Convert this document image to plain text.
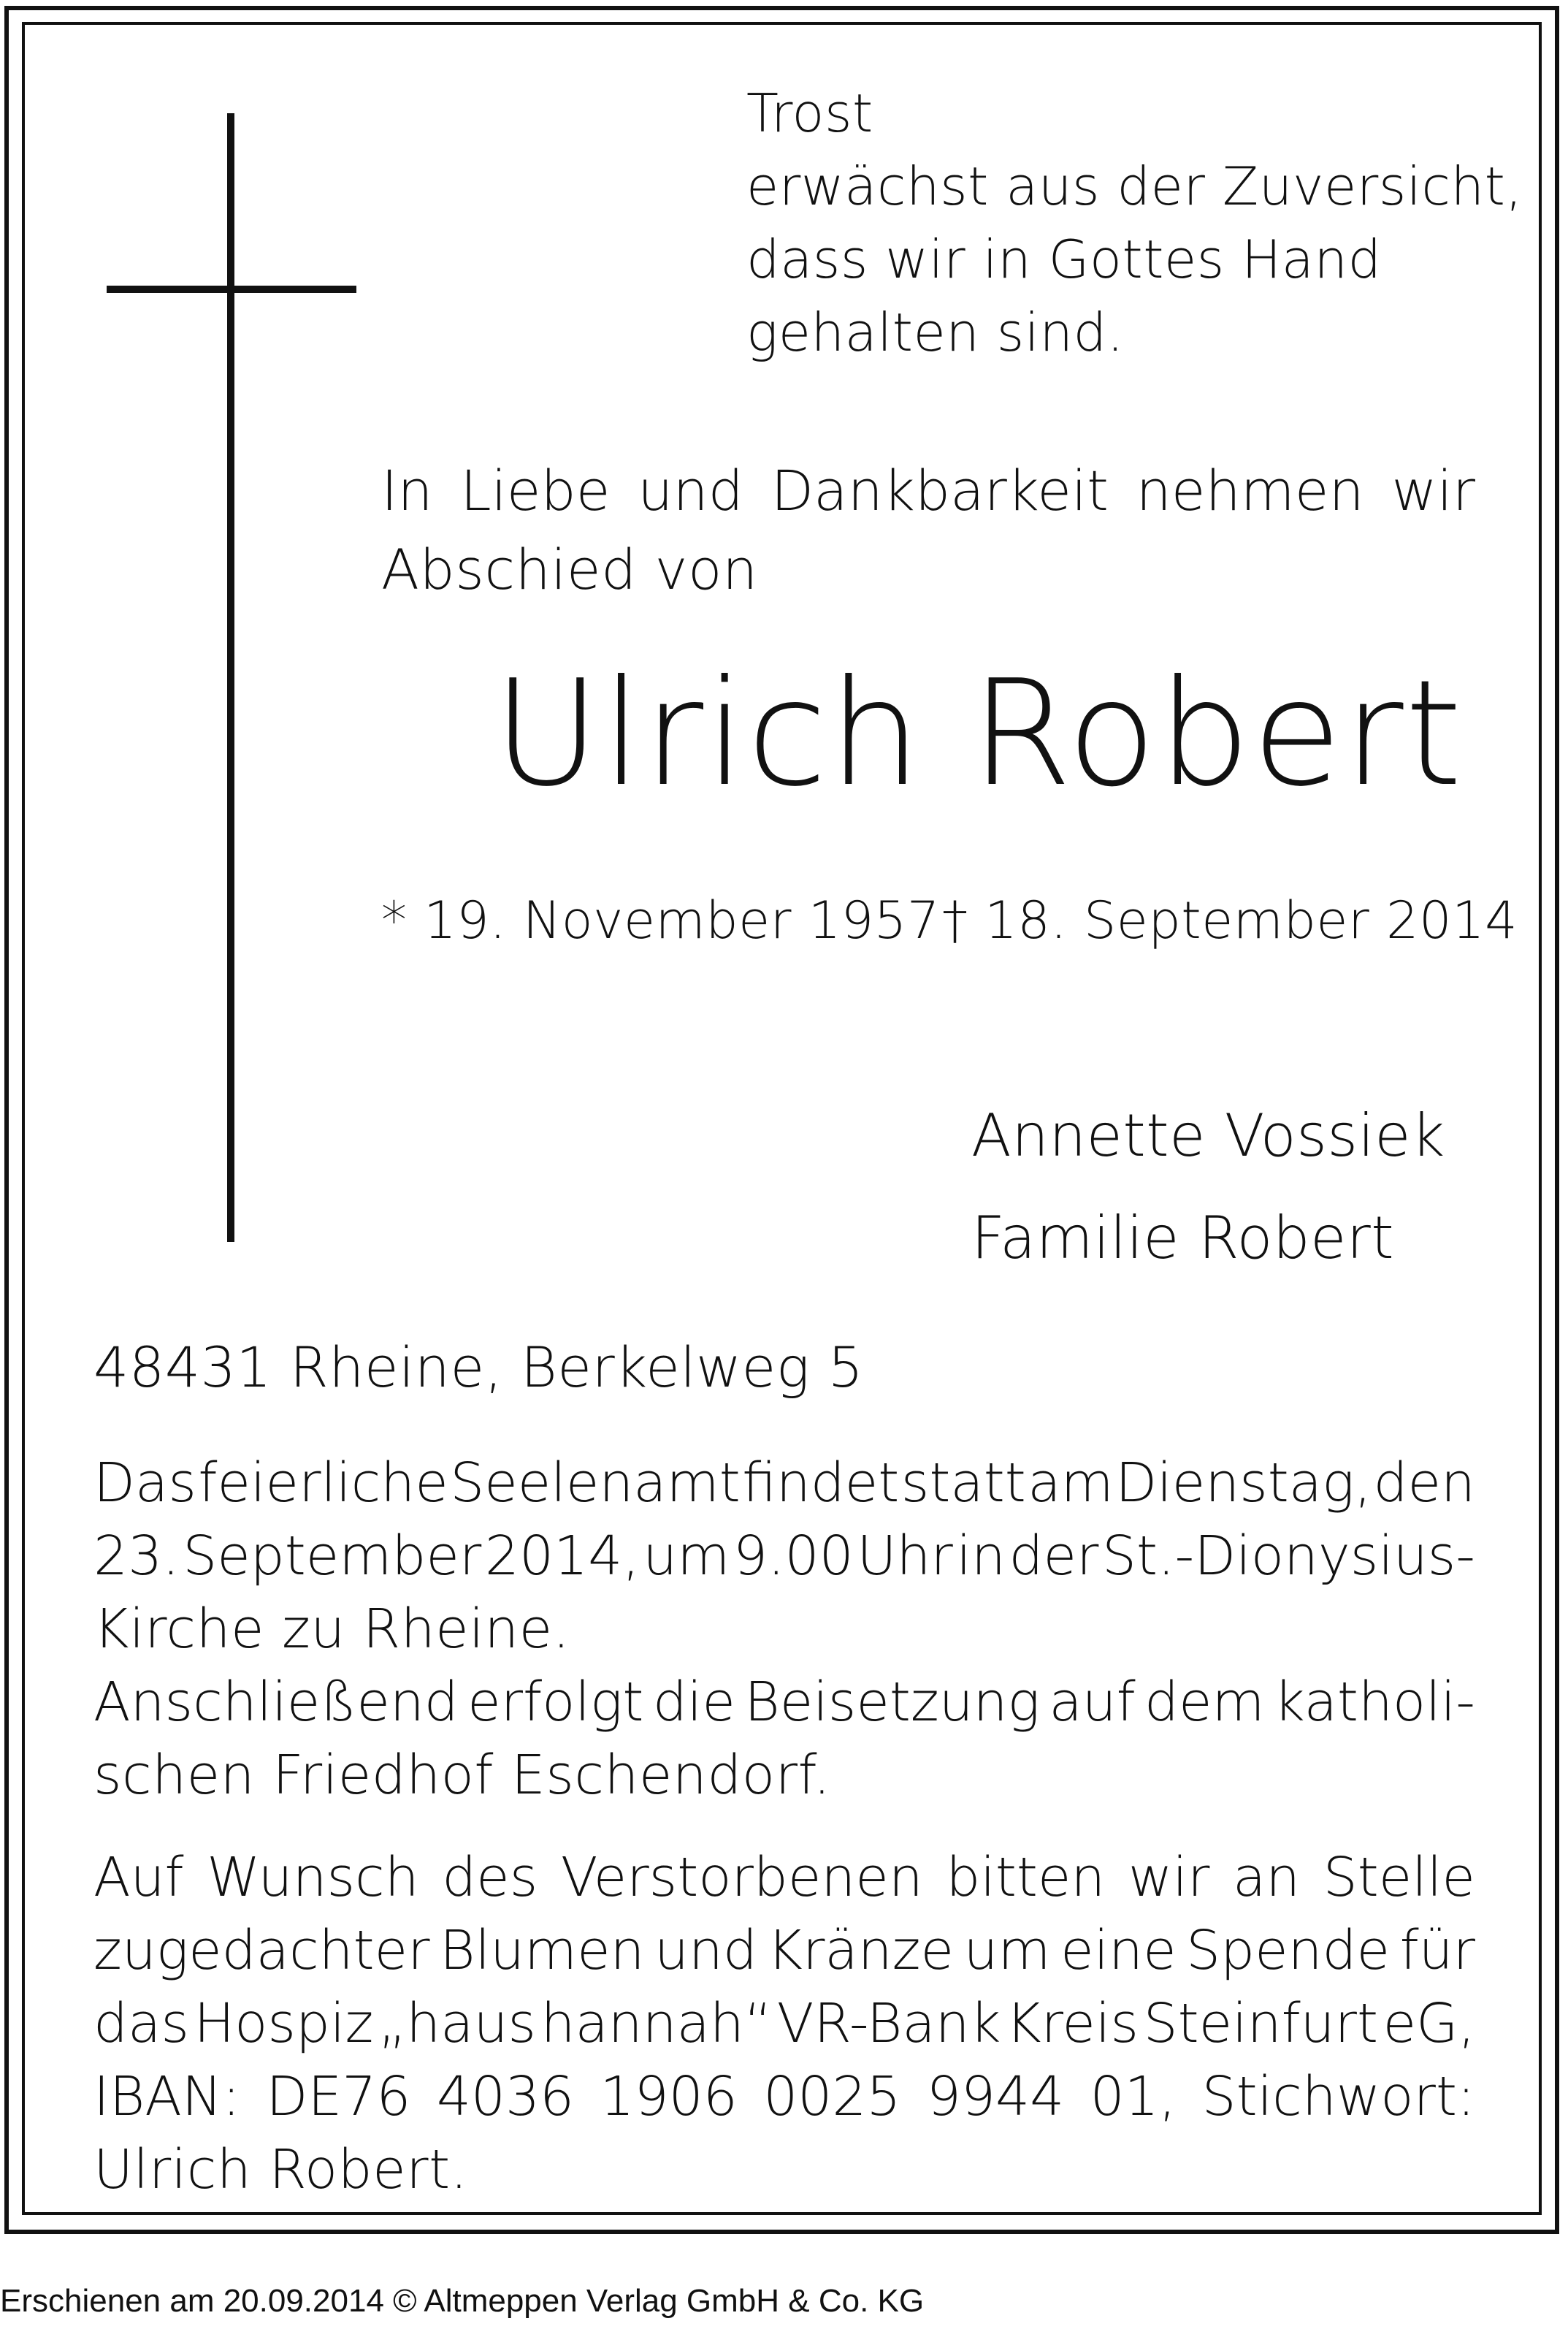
Trost
erwächst aus der Zuversicht,
dass wir in Gottes Hand
gehalten sind.
In Liebe und Dankbarkeit nehmen wir
Abschied von
Ulrich Robert
* 19. November 1957 † 18. September 2014
Annette Vossiek
Familie Robert
48431 Rheine, Berkelweg 5
Das feierliche Seelenamt findet statt am Dienstag, den
23. September 2014, um 9.00 Uhr in der St.-Dionysius-
Kirche zu Rheine.
Anschließend erfolgt die Beisetzung auf dem katholi-
schen Friedhof Eschendorf.
Auf Wunsch des Verstorbenen bitten wir an Stelle
zugedachter Blumen und Kränze um eine Spende für
das Hospiz „haus hannah“ VR-Bank Kreis Steinfurt eG,
IBAN: DE76 4036 1906 0025 9944 01, Stichwort:
Ulrich Robert.
Erschienen am 20.09.2014 © Altmeppen Verlag GmbH & Co. KG
